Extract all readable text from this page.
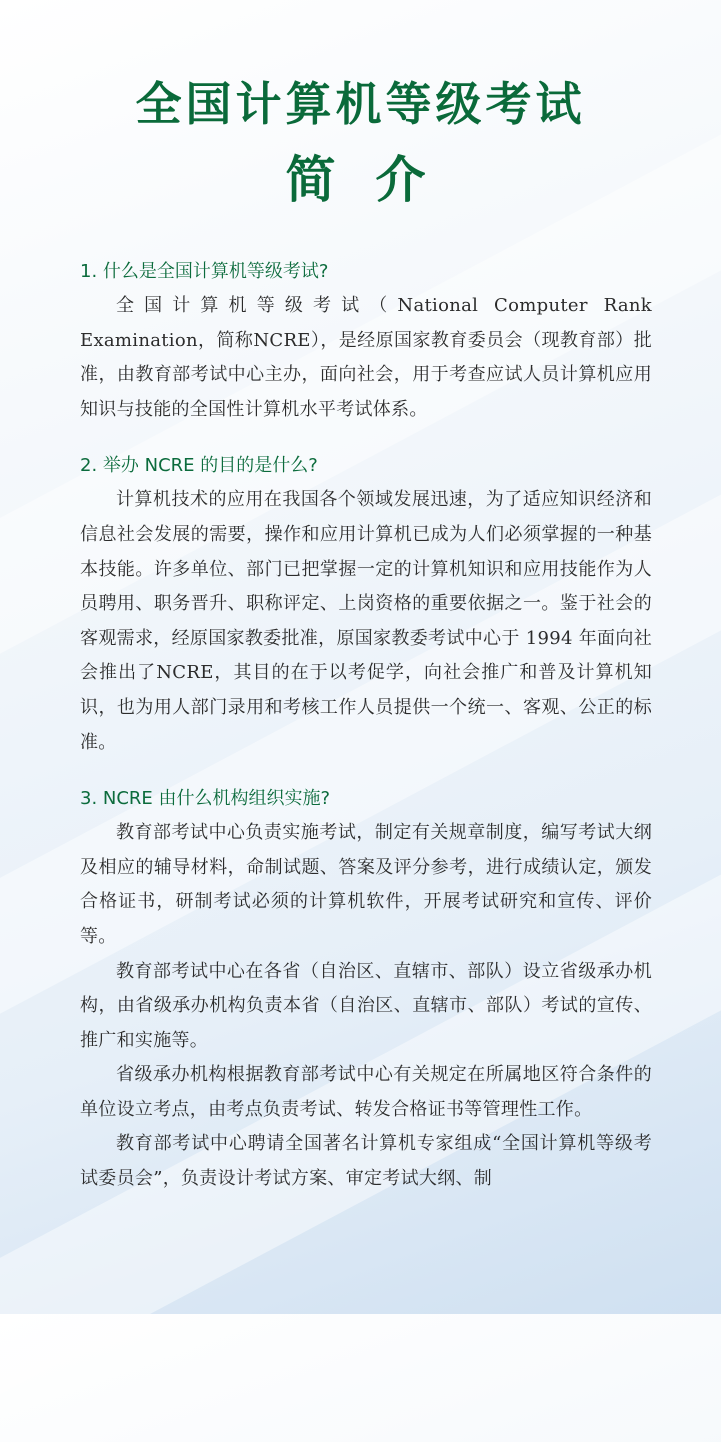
全国计算机等级考试
简介

1. 什么是全国计算机等级考试?

全国计算机等级考试（National Computer Rank Examination，简称NCRE），是经原国家教育委员会（现教育部）批准，由教育部考试中心主办，面向社会，用于考查应试人员计算机应用知识与技能的全国性计算机水平考试体系。

2. 举办 NCRE 的目的是什么?

计算机技术的应用在我国各个领域发展迅速，为了适应知识经济和信息社会发展的需要，操作和应用计算机已成为人们必须掌握的一种基本技能。许多单位、部门已把掌握一定的计算机知识和应用技能作为人员聘用、职务晋升、职称评定、上岗资格的重要依据之一。鉴于社会的客观需求，经原国家教委批准，原国家教委考试中心于 1994 年面向社会推出了NCRE，其目的在于以考促学，向社会推广和普及计算机知识，也为用人部门录用和考核工作人员提供一个统一、客观、公正的标准。

3. NCRE 由什么机构组织实施?

教育部考试中心负责实施考试，制定有关规章制度，编写考试大纲及相应的辅导材料，命制试题、答案及评分参考，进行成绩认定，颁发合格证书，研制考试必须的计算机软件，开展考试研究和宣传、评价等。

教育部考试中心在各省（自治区、直辖市、部队）设立省级承办机构，由省级承办机构负责本省（自治区、直辖市、部队）考试的宣传、推广和实施等。

省级承办机构根据教育部考试中心有关规定在所属地区符合条件的单位设立考点，由考点负责考试、转发合格证书等管理性工作。

教育部考试中心聘请全国著名计算机专家组成“全国计算机等级考试委员会”，负责设计考试方案、审定考试大纲、制
